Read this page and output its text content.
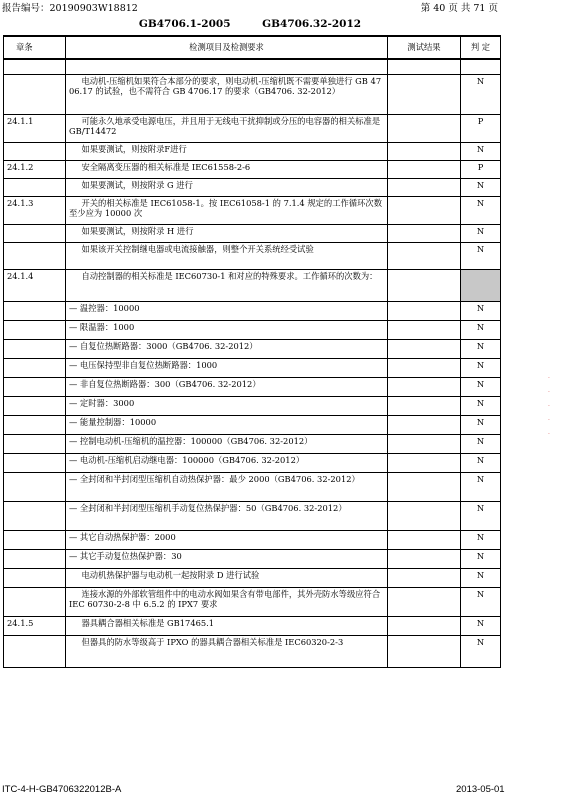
报告编号：20190903W18812	第 40 页 共 71 页
GB4706.1-2005	GB4706.32-2012
章条	检测项目及检测要求	测试结果	判 定

	电动机-压缩机如果符合本部分的要求，则电动机-压缩机既不需要单独进行 GB 4706.17 的试验，也不需符合 GB 4706.17 的要求（GB4706. 32-2012）		N
24.1.1	可能永久地承受电源电压，并且用于无线电干扰抑制或分压的电容器的相关标准是 GB/T14472		P
	如果要测试，则按附录F进行		N
24.1.2	安全隔离变压器的相关标准是 IEC61558-2-6		P
	如果要测试，则按附录 G 进行		N
24.1.3	开关的相关标准是 IEC61058-1。按 IEC61058-1 的 7.1.4 规定的工作循环次数至少应为 10000 次		N
	如果要测试，则按附录 H 进行		N
	如果该开关控制继电器或电流接触器，则整个开关系统经受试验		N
24.1.4	自动控制器的相关标准是 IEC60730-1 和对应的特殊要求。工作循环的次数为：		
	— 温控器：10000		N
	— 限温器：1000		N
	— 自复位热断路器：3000（GB4706. 32-2012）		N
	— 电压保持型非自复位热断路器：1000		N
	— 非自复位热断路器：300（GB4706. 32-2012）		N
	— 定时器：3000		N
	— 能量控制器：10000		N
	— 控制电动机-压缩机的温控器：100000（GB4706. 32-2012）		N
	— 电动机-压缩机启动继电器：100000（GB4706. 32-2012）		N
	— 全封闭和半封闭型压缩机自动热保护器：最少 2000（GB4706. 32-2012）		N
	— 全封闭和半封闭型压缩机手动复位热保护器：50（GB4706. 32-2012）		N
	— 其它自动热保护器：2000		N
	— 其它手动复位热保护器：30		N
	电动机热保护器与电动机一起按附录 D 进行试验		N
	连接水源的外部软管组件中的电动水阀如果含有带电部件，其外壳防水等级应符合 IEC 60730-2-8 中 6.5.2 的 IPX7 要求		N
24.1.5	器具耦合器相关标准是 GB17465.1		N
	但器具的防水等级高于 IPXO 的器具耦合器相关标准是 IEC60320-2-3		N
·
·
·
·
·
ITC-4-H-GB4706322012B-A	2013-05-01
